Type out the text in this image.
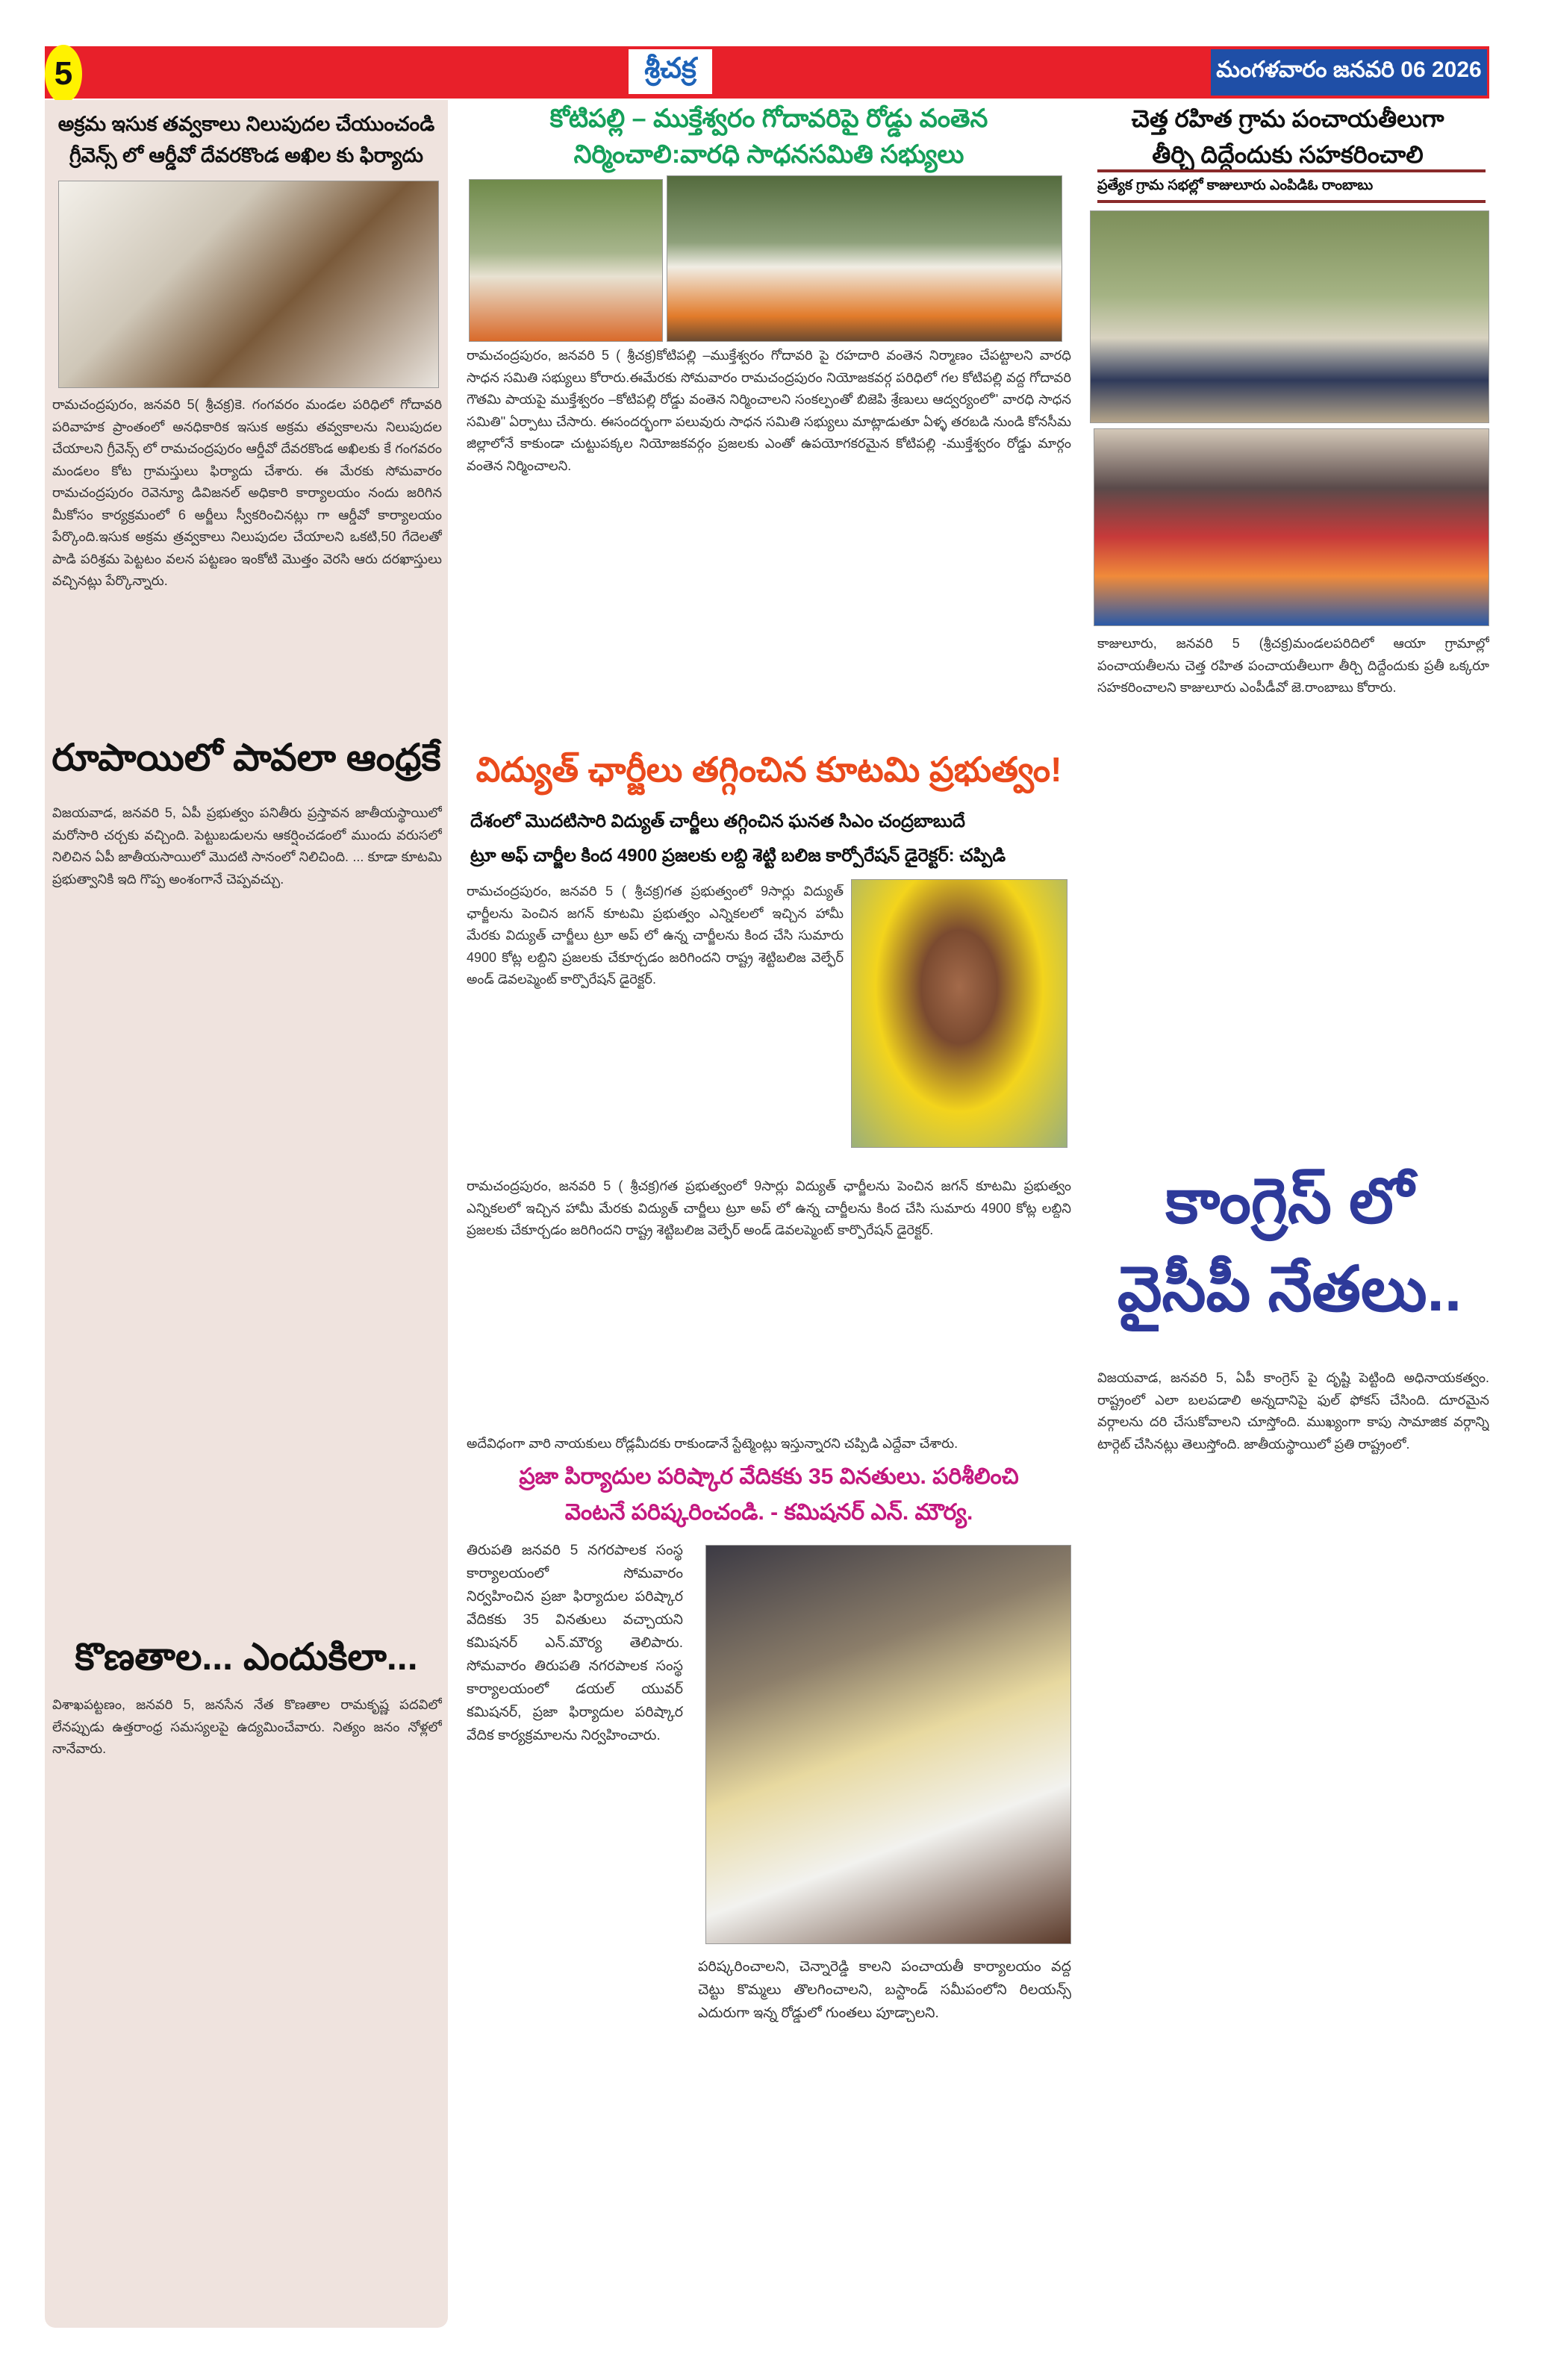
5	శ్రీచక్ర	మంగళవారం జనవరి 06 2026
అక్రమ ఇసుక తవ్వకాలు నిలుపుదల చేయుంచండి
గ్రీవెన్స్ లో ఆర్డీవో దేవరకొండ అఖిల కు ఫిర్యాదు
రామచంద్రపురం, జనవరి 5( శ్రీచక్ర)కె. గంగవరం మండల పరిధిలో గోదావరి పరివాహక ప్రాంతంలో అనధికారిక ఇసుక అక్రమ తవ్వకాలను నిలుపుదల చేయాలని గ్రీవెన్స్ లో రామచంద్రపురం ఆర్డీవో దేవరకొండ అఖిలకు కే గంగవరం మండలం కోట గ్రామస్తులు ఫిర్యాదు చేశారు. ఈ మేరకు సోమవారం రామచంద్రపురం రెవెన్యూ డివిజనల్ అధికారి కార్యాలయం నందు జరిగిన మీకోసం కార్యక్రమంలో 6 అర్జీలు స్వీకరించినట్లు గా ఆర్డీవో కార్యాలయం పేర్కొంది.ఇసుక అక్రమ త్రవ్వకాలు నిలుపుదల చేయాలని ఒకటి,50 గేదెలతో పాడి పరిశ్రమ పెట్టటం వలన పట్టణం ఇంకోటి మొత్తం వెరసి ఆరు దరఖాస్తులు వచ్చినట్లు పేర్కొన్నారు.
రూపాయిలో పావలా ఆంధ్రకే
విజయవాడ, జనవరి 5, ఏపీ ప్రభుత్వం పనితీరు ప్రస్తావన జాతీయస్థాయిలో మరోసారి చర్చకు వచ్చింది. పెట్టుబడులను ఆకర్షించడంలో ముందు వరుసలో నిలిచిన ఏపీ జాతీయసాయిలో మొదటి సానంలో నిలిచింది. ... కూడా కూటమి ప్రభుత్వానికి ఇది గొప్ప అంశంగానే చెప్పవచ్చు.
కొణతాల... ఎందుకిలా...
విశాఖపట్టణం, జనవరి 5, జనసేన నేత కొణతాల రామకృష్ణ పదవిలో లేనప్పుడు ఉత్తరాంధ్ర సమస్యలపై ఉద్యమించేవారు. నిత్యం జనం నోళ్లలో నానేవారు.
కోటిపల్లి – ముక్తేశ్వరం గోదావరిపై రోడ్డు వంతెన
నిర్మించాలి:వారధి సాధనసమితి సభ్యులు
రామచంద్రపురం, జనవరి 5 ( శ్రీచక్ర)కోటిపల్లి –ముక్తేశ్వరం గోదావరి పై రహదారి వంతెన నిర్మాణం చేపట్టాలని వారధి సాధన సమితి సభ్యులు కోరారు.ఈమేరకు సోమవారం రామచంద్రపురం నియోజకవర్గ పరిధిలో గల కోటిపల్లి వద్ద గోదావరి గౌతమి పాయపై ముక్తేశ్వరం –కోటిపల్లి రోడ్డు వంతెన నిర్మించాలని సంకల్పంతో బిజెపి శ్రేణులు ఆద్వర్యంలో" వారధి సాధన సమితి" ఏర్పాటు చేసారు. ఈసందర్భంగా పలువురు సాధన సమితి సభ్యులు మాట్లాడుతూ ఏళ్ళ తరబడి నుండి కోనసీమ జిల్లాలోనే కాకుండా చుట్టుపక్కల నియోజకవర్గం ప్రజలకు ఎంతో ఉపయోగకరమైన కోటిపల్లి -ముక్తేశ్వరం రోడ్డు మార్గం వంతెన నిర్మించాలని.
విద్యుత్ ఛార్జీలు తగ్గించిన కూటమి ప్రభుత్వం!
దేశంలో మొదటిసారి విద్యుత్ చార్జీలు తగ్గించిన ఘనత సిఎం చంద్రబాబుదే
ట్రూ అఫ్ చార్జీల కింద 4900 ప్రజలకు లబ్ది శెట్టి బలిజ కార్పోరేషన్ డైరెక్టర్: చప్పిడి
రామచంద్రపురం, జనవరి 5 ( శ్రీచక్ర)గత ప్రభుత్వంలో 9సార్లు విద్యుత్ ఛార్జీలను పెంచిన జగన్ కూటమి ప్రభుత్వం ఎన్నికలలో ఇచ్చిన హామీ మేరకు విద్యుత్ చార్జీలు ట్రూ అప్ లో ఉన్న చార్జీలను కింద చేసి సుమారు 4900 కోట్ల లబ్దిని ప్రజలకు చేకూర్చడం జరిగిందని రాష్ట్ర శెట్టిబలిజ వెల్ఫేర్ అండ్ డెవలప్మెంట్ కార్పొరేషన్ డైరెక్టర్.
రామచంద్రపురం, జనవరి 5 ( శ్రీచక్ర)గత ప్రభుత్వంలో 9సార్లు విద్యుత్ ఛార్జీలను పెంచిన జగన్ కూటమి ప్రభుత్వం ఎన్నికలలో ఇచ్చిన హామీ మేరకు విద్యుత్ చార్జీలు ట్రూ అప్ లో ఉన్న చార్జీలను కింద చేసి సుమారు 4900 కోట్ల లబ్దిని ప్రజలకు చేకూర్చడం జరిగిందని రాష్ట్ర శెట్టిబలిజ వెల్ఫేర్ అండ్ డెవలప్మెంట్ కార్పొరేషన్ డైరెక్టర్.
అదేవిధంగా వారి నాయకులు రోడ్లమీదకు రాకుండానే స్టేట్మెంట్లు ఇస్తున్నారని చప్పిడి ఎద్దేవా చేశారు.
ప్రజా పిర్యాదుల పరిష్కార వేదికకు 35 వినతులు. పరిశీలించి
వెంటనే పరిష్కరించండి. - కమిషనర్ ఎన్. మౌర్య.
తిరుపతి జనవరి 5 నగరపాలక సంస్థ కార్యాలయంలో సోమవారం నిర్వహించిన ప్రజా ఫిర్యాదుల పరిష్కార వేదికకు 35 వినతులు వచ్చాయని కమిషనర్ ఎన్.మౌర్య తెలిపారు. సోమవారం తిరుపతి నగరపాలక సంస్థ కార్యాలయంలో డయల్ యువర్ కమిషనర్, ప్రజా ఫిర్యాదుల పరిష్కార వేదిక కార్యక్రమాలను నిర్వహించారు.
పరిష్కరించాలని, చెన్నారెడ్డి కాలని పంచాయతీ కార్యాలయం వద్ద చెట్టు కొమ్మలు తొలగించాలని, బస్టాండ్ సమీపంలోని రిలయన్స్ ఎదురుగా ఇన్న రోడ్డులో గుంతలు పూడ్చాలని.
చెత్త రహిత గ్రామ పంచాయతీలుగా
తీర్చి దిద్దేందుకు సహకరించాలి
ప్రత్యేక గ్రామ సభల్లో కాజులూరు ఎంపిడిఓ రాంబాబు
కాజులూరు, జనవరి 5 (శ్రీచక్ర)మండలపరిదిలో ఆయా గ్రామాల్లో పంచాయతీలను చెత్త రహిత పంచాయతీలుగా తీర్చి దిద్దేందుకు ప్రతీ ఒక్కరూ సహకరించాలని కాజులూరు ఎంపీడీవో జె.రాంబాబు కోరారు.
కాంగ్రెస్ లో
వైసీపీ నేతలు..
విజయవాడ, జనవరి 5, ఏపీ కాంగ్రెస్ పై దృష్టి పెట్టింది అధినాయకత్వం. రాష్ట్రంలో ఎలా బలపడాలి అన్నదానిపై ఫుల్ ఫోకస్ చేసింది. దూరమైన వర్గాలను దరి చేసుకోవాలని చూస్తోంది. ముఖ్యంగా కాపు సామాజిక వర్గాన్ని టార్గెట్ చేసినట్లు తెలుస్తోంది. జాతీయస్థాయిలో ప్రతి రాష్ట్రంలో.
